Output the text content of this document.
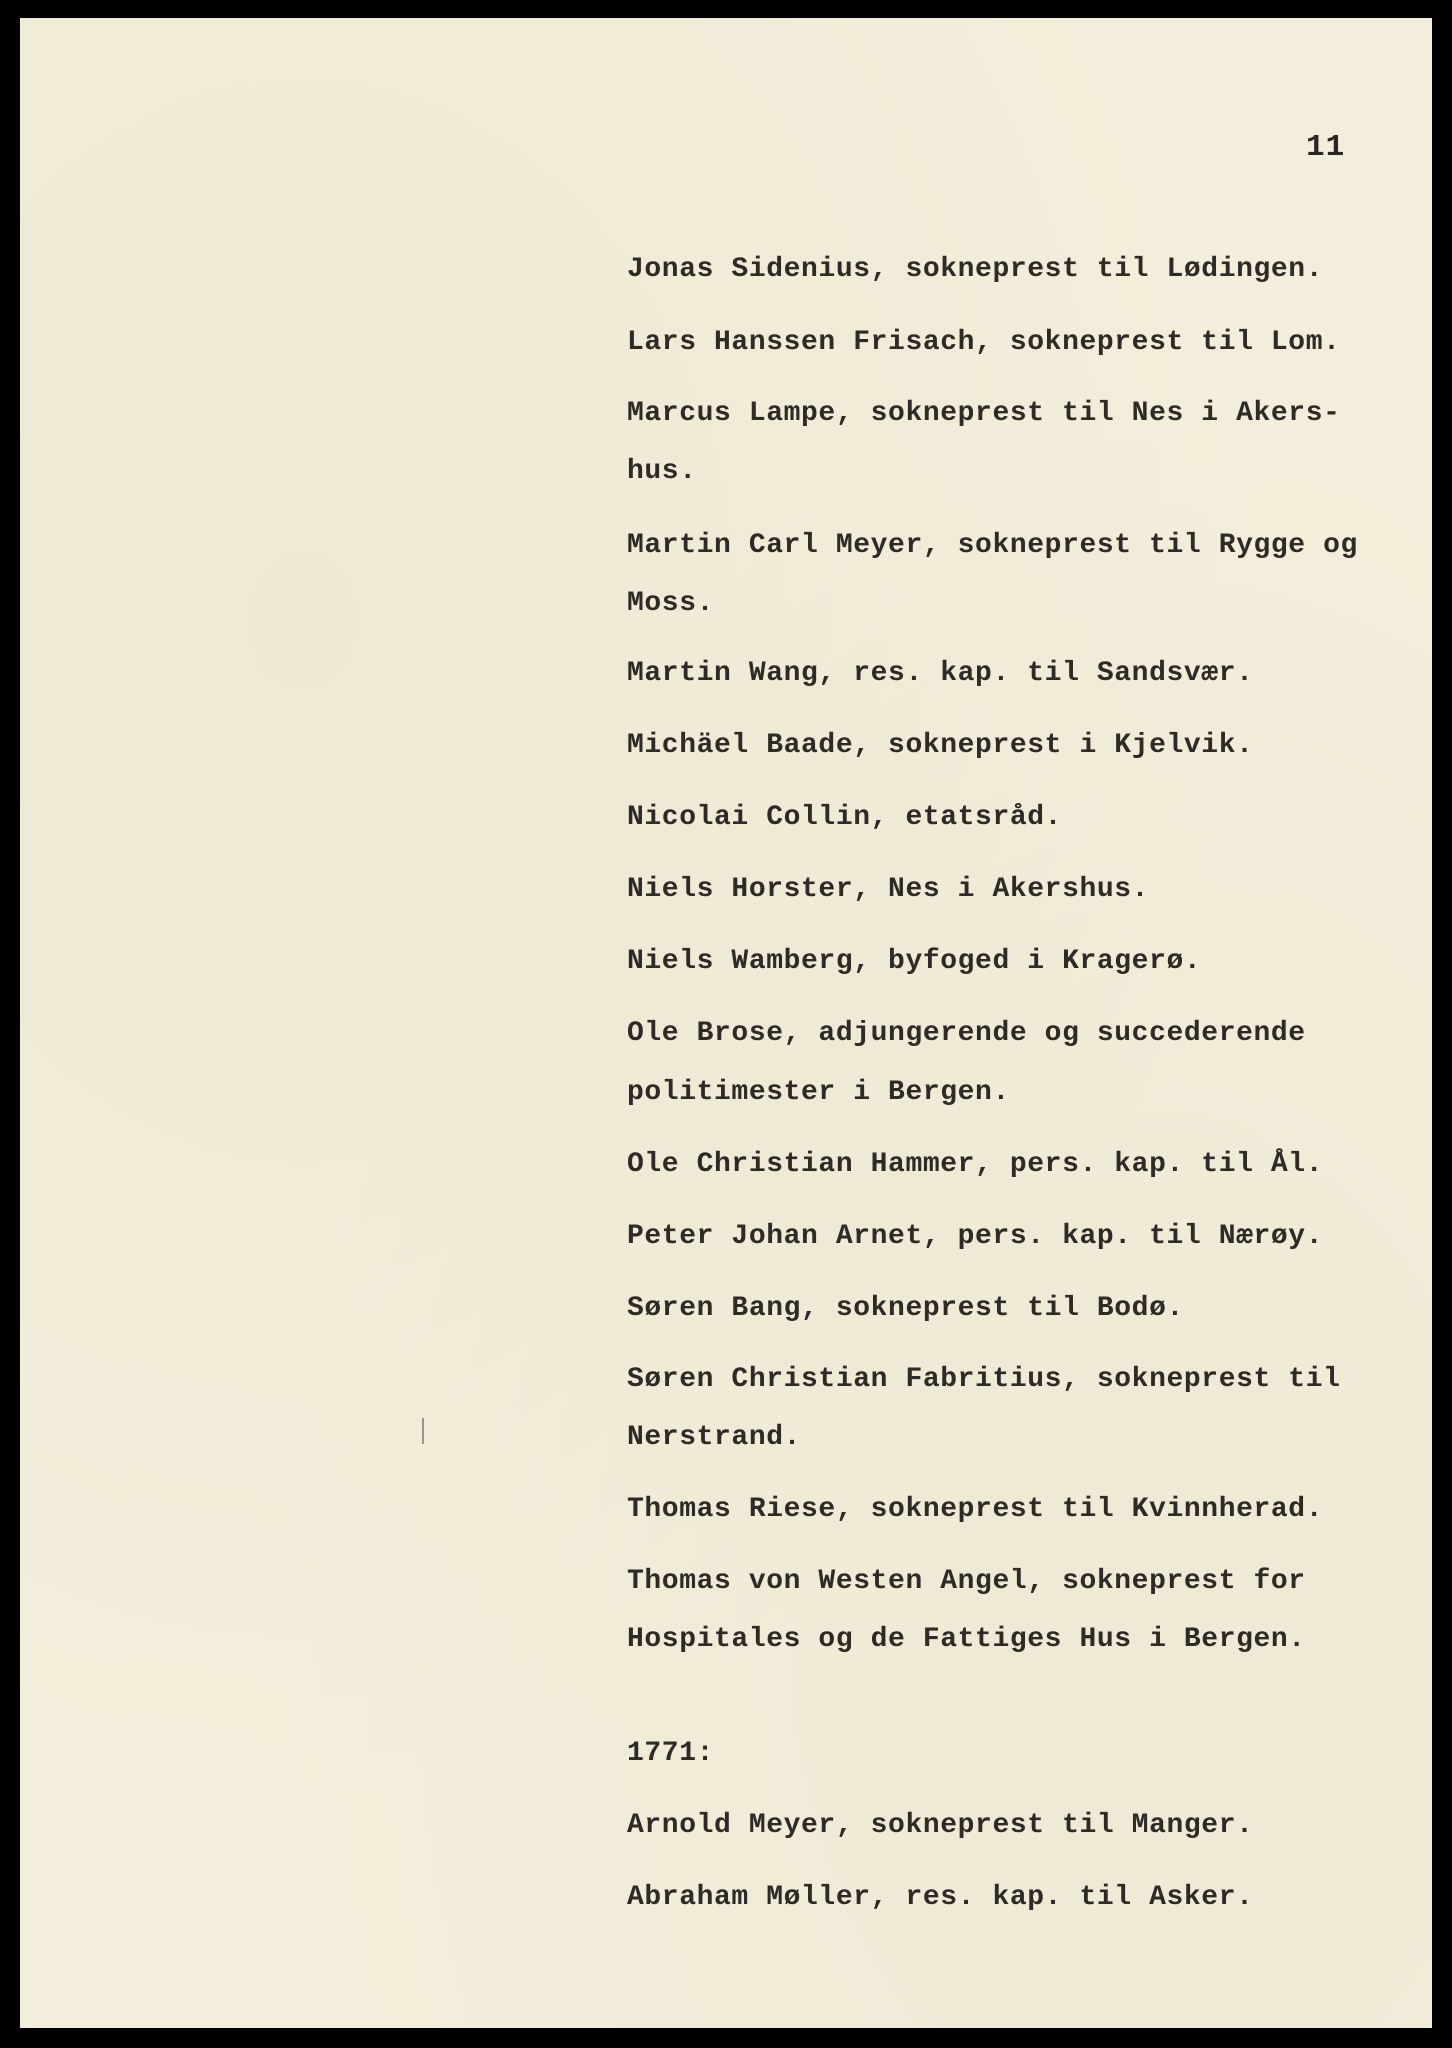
11
Jonas Sidenius, sokneprest til Lødingen.
Lars Hanssen Frisach, sokneprest til Lom.
Marcus Lampe, sokneprest til Nes i Akers-
hus.
Martin Carl Meyer, sokneprest til Rygge og
Moss.
Martin Wang, res. kap. til Sandsvær.
Michäel Baade, sokneprest i Kjelvik.
Nicolai Collin, etatsråd.
Niels Horster, Nes i Akershus.
Niels Wamberg, byfoged i Kragerø.
Ole Brose, adjungerende og succederende
politimester i Bergen.
Ole Christian Hammer, pers. kap. til Ål.
Peter Johan Arnet, pers. kap. til Nærøy.
Søren Bang, sokneprest til Bodø.
Søren Christian Fabritius, sokneprest til
Nerstrand.
Thomas Riese, sokneprest til Kvinnherad.
Thomas von Westen Angel, sokneprest for
Hospitales og de Fattiges Hus i Bergen.
1771:
Arnold Meyer, sokneprest til Manger.
Abraham Møller, res. kap. til Asker.
